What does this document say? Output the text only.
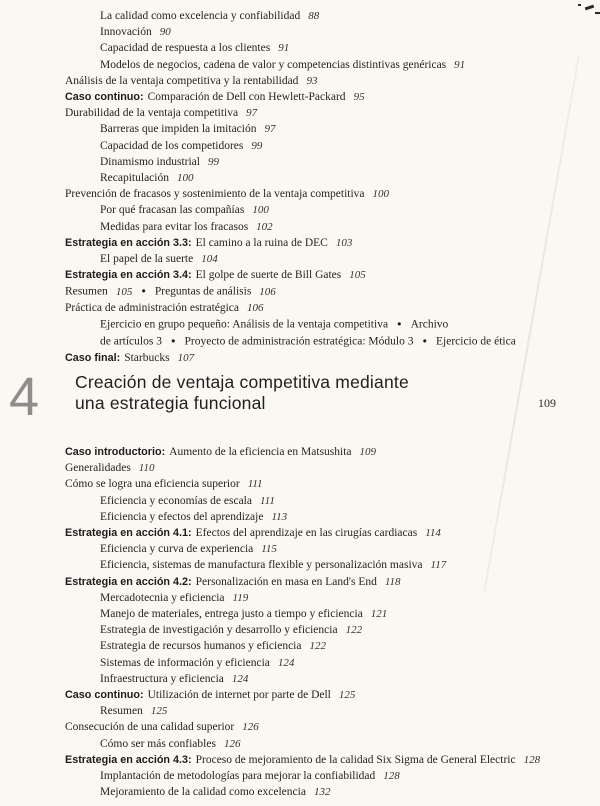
La calidad como excelencia y confiabilidad 88
Innovación 90
Capacidad de respuesta a los clientes 91
Modelos de negocios, cadena de valor y competencias distintivas genéricas 91
Análisis de la ventaja competitiva y la rentabilidad 93
Caso continuo: Comparación de Dell con Hewlett-Packard 95
Durabilidad de la ventaja competitiva 97
Barreras que impiden la imitación 97
Capacidad de los competidores 99
Dinamismo industrial 99
Recapitulación 100
Prevención de fracasos y sostenimiento de la ventaja competitiva 100
Por qué fracasan las compañías 100
Medidas para evitar los fracasos 102
Estrategia en acción 3.3: El camino a la ruina de DEC 103
El papel de la suerte 104
Estrategia en acción 3.4: El golpe de suerte de Bill Gates 105
Resumen 105 ● Preguntas de análisis 106
Práctica de administración estratégica 106
Ejercicio en grupo pequeño: Análisis de la ventaja competitiva ● Archivo
de artículos 3 ● Proyecto de administración estratégica: Módulo 3 ● Ejercicio de ética
Caso final: Starbucks 107
4 Creación de ventaja competitiva mediante
una estrategia funcional	109
Caso introductorio: Aumento de la eficiencia en Matsushita 109
Generalidades 110
Cómo se logra una eficiencia superior 111
Eficiencia y economías de escala 111
Eficiencia y efectos del aprendizaje 113
Estrategia en acción 4.1: Efectos del aprendizaje en las cirugías cardiacas 114
Eficiencia y curva de experiencia 115
Eficiencia, sistemas de manufactura flexible y personalización masiva 117
Estrategia en acción 4.2: Personalización en masa en Land's End 118
Mercadotecnia y eficiencia 119
Manejo de materiales, entrega justo a tiempo y eficiencia 121
Estrategia de investigación y desarrollo y eficiencia 122
Estrategia de recursos humanos y eficiencia 122
Sistemas de información y eficiencia 124
Infraestructura y eficiencia 124
Caso continuo: Utilización de internet por parte de Dell 125
Resumen 125
Consecución de una calidad superior 126
Cómo ser más confiables 126
Estrategia en acción 4.3: Proceso de mejoramiento de la calidad Six Sigma de General Electric 128
Implantación de metodologías para mejorar la confiabilidad 128
Mejoramiento de la calidad como excelencia 132
